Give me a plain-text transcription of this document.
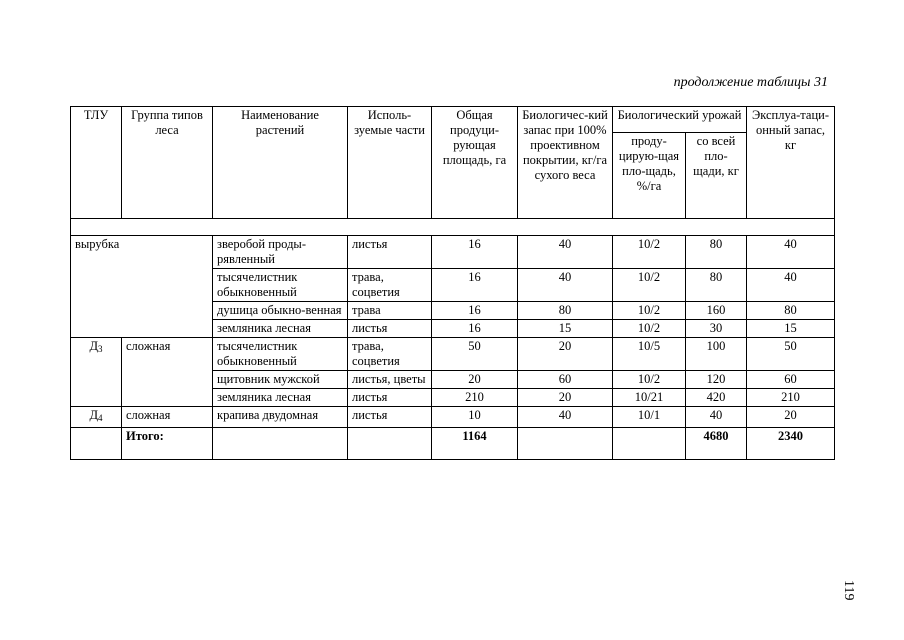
продолжение таблицы 31
ТЛУ	Группа типов леса	Наименование растений	Исполь-зуемые части	Общая продуци-рующая площадь, га	Биологичес-кий запас при 100% проективном покрытии, кг/га сухого веса	Биологический урожай		Эксплуа-таци-онный запас, кг
						проду-цирую-щая пло-щадь, %/га	со всей пло-щади, кг	

вырубка		зверобой проды-рявленный	листья	16	40	10/2	80	40
		тысячелистник обыкновенный	трава, соцветия	16	40	10/2	80	40
		душица обыкно-венная	трава	16	80	10/2	160	80
		земляника лесная	листья	16	15	10/2	30	15
$Д_3$	сложная	тысячелистник обыкновенный	трава, соцветия	50	20	10/5	100	50
		щитовник мужской	листья, цветы	20	60	10/2	120	60
		земляника лесная	листья	210	20	10/21	420	210
$Д_4$	сложная	крапива двудомная	листья	10	40	10/1	40	20
	Итого:			1164			4680	2340
119
